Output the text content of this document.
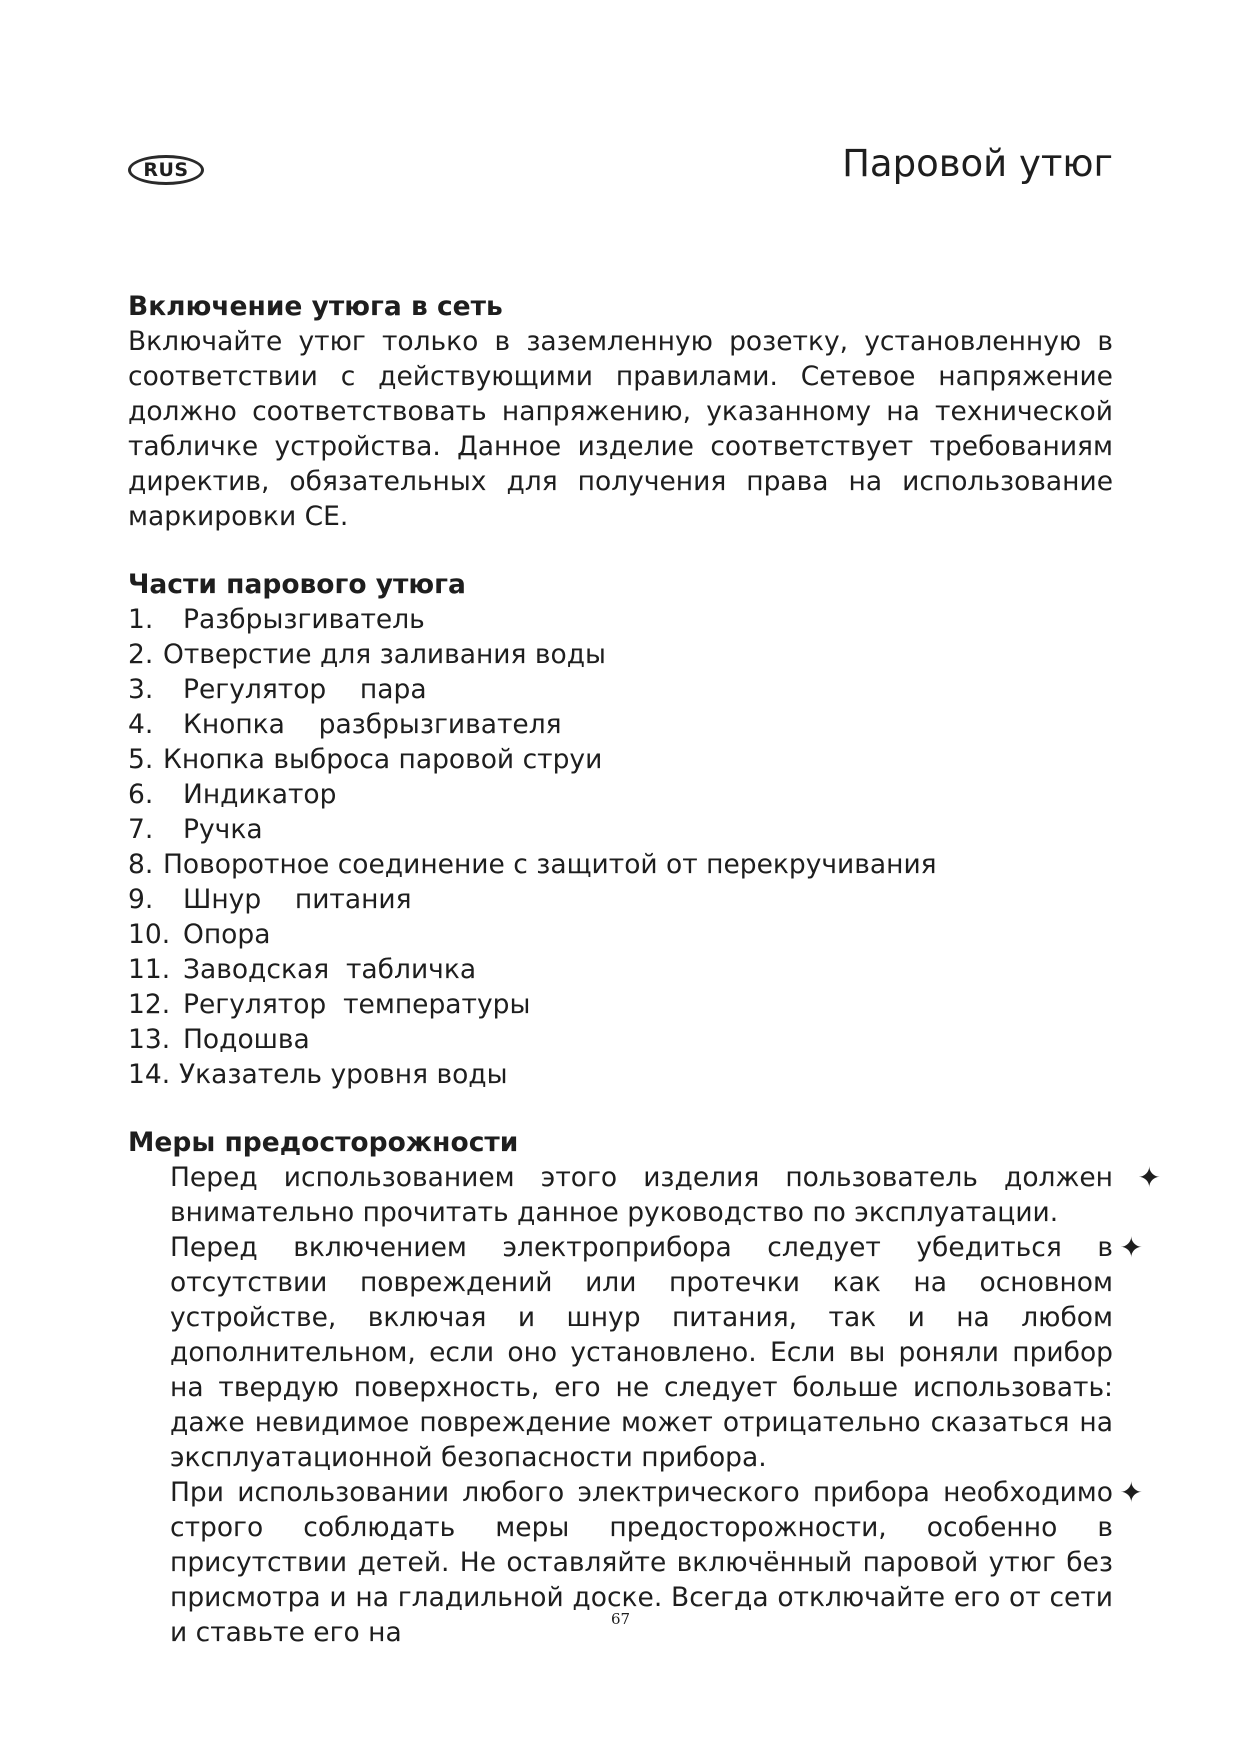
RUS	Паровой утюг
Включение утюга в сеть

Включайте утюг только в заземленную розетку, установленную в соответствии с действующими правилами. Сетевое напряжение должно соответствовать напряжению, указанному на технической табличке устройства. Данное изделие соответствует требованиям директив, обязательных для получения права на использование маркировки CE.

Части парового утюга
1.	Разбрызгиватель
2. Отверстие для заливания воды
3.	Регулятор    пара
4.	Кнопка    разбрызгивателя
5. Кнопка выброса паровой струи
6.	Индикатор
7.	Ручка
8. Поворотное соединение с защитой от перекручивания
9.	Шнур    питания
10. Опора
11. Заводская  табличка
12. Регулятор  температуры
13. Подошва
14. Указатель уровня воды
Меры предосторожности
Перед использованием этого изделия пользователь должен внимательно прочитать данное руководство по эксплуатации.
✦
Перед включением электроприбора следует убедиться в отсутствии повреждений или протечки как на основном устройстве, включая и шнур питания, так и на любом дополнительном, если оно установлено. Если вы роняли прибор на твердую поверхность, его не следует больше использовать: даже невидимое повреждение может отрицательно сказаться на эксплуатационной безопасности прибора.
✦
При использовании любого электрического прибора необходимо строго соблюдать меры предосторожности, особенно в присутствии детей. Не оставляйте включённый паровой утюг без присмотра и на гладильной доске. Всегда отключайте его от сети и ставьте его на
✦
67
